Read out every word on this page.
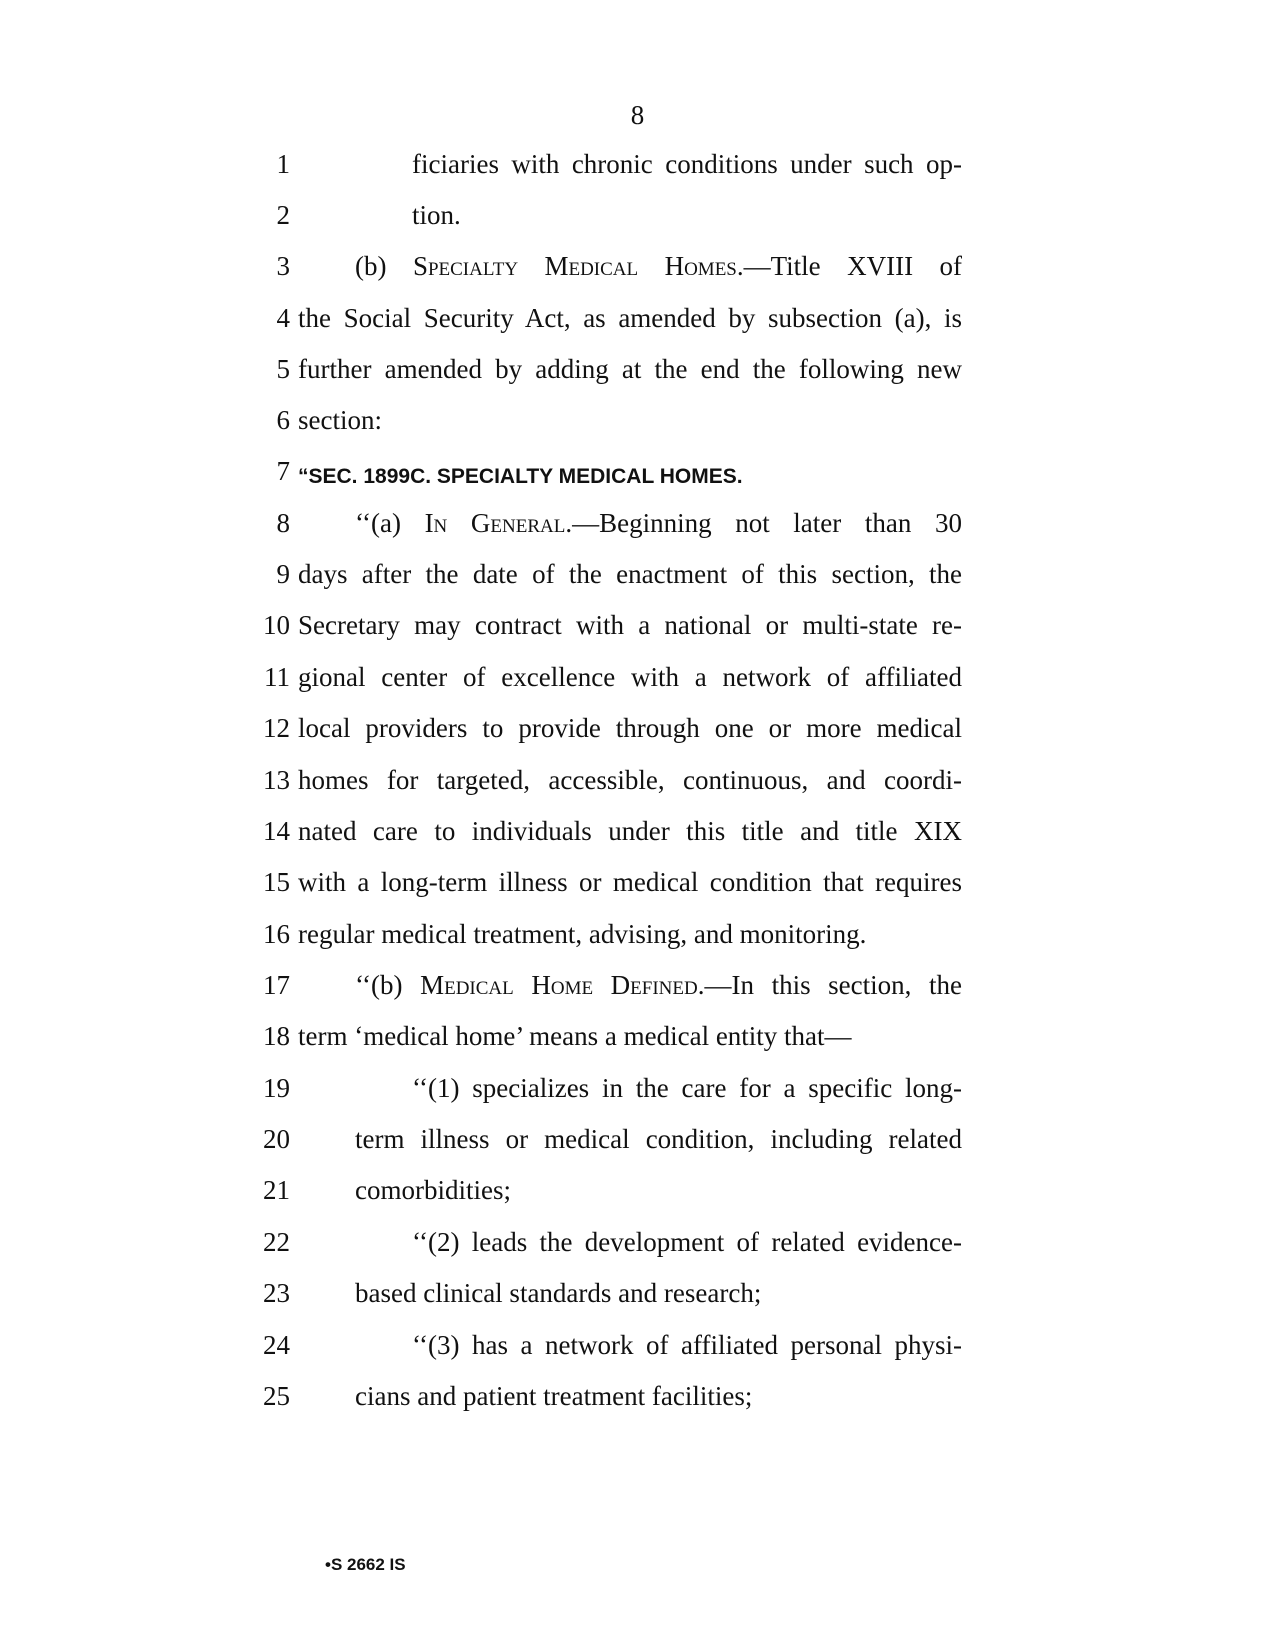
8
1	ficiaries with chronic conditions under such op-
2	tion.
3 (b) Specialty Medical Homes.—Title XVIII of
4 the Social Security Act, as amended by subsection (a), is
5 further amended by adding at the end the following new
6 section:
7 “SEC. 1899C. SPECIALTY MEDICAL HOMES.
8 ‘‘(a) In General.—Beginning not later than 30
9 days after the date of the enactment of this section, the
10 Secretary may contract with a national or multi-state re-
11 gional center of excellence with a network of affiliated
12 local providers to provide through one or more medical
13 homes for targeted, accessible, continuous, and coordi-
14 nated care to individuals under this title and title XIX
15 with a long-term illness or medical condition that requires
16 regular medical treatment, advising, and monitoring.
17 ‘‘(b) Medical Home Defined.—In this section, the
18 term ‘medical home’ means a medical entity that—
19	‘‘(1) specializes in the care for a specific long-
20 term illness or medical condition, including related
21 comorbidities;
22	‘‘(2) leads the development of related evidence-
23 based clinical standards and research;
24	‘‘(3) has a network of affiliated personal physi-
25 cians and patient treatment facilities;
•S 2662 IS
